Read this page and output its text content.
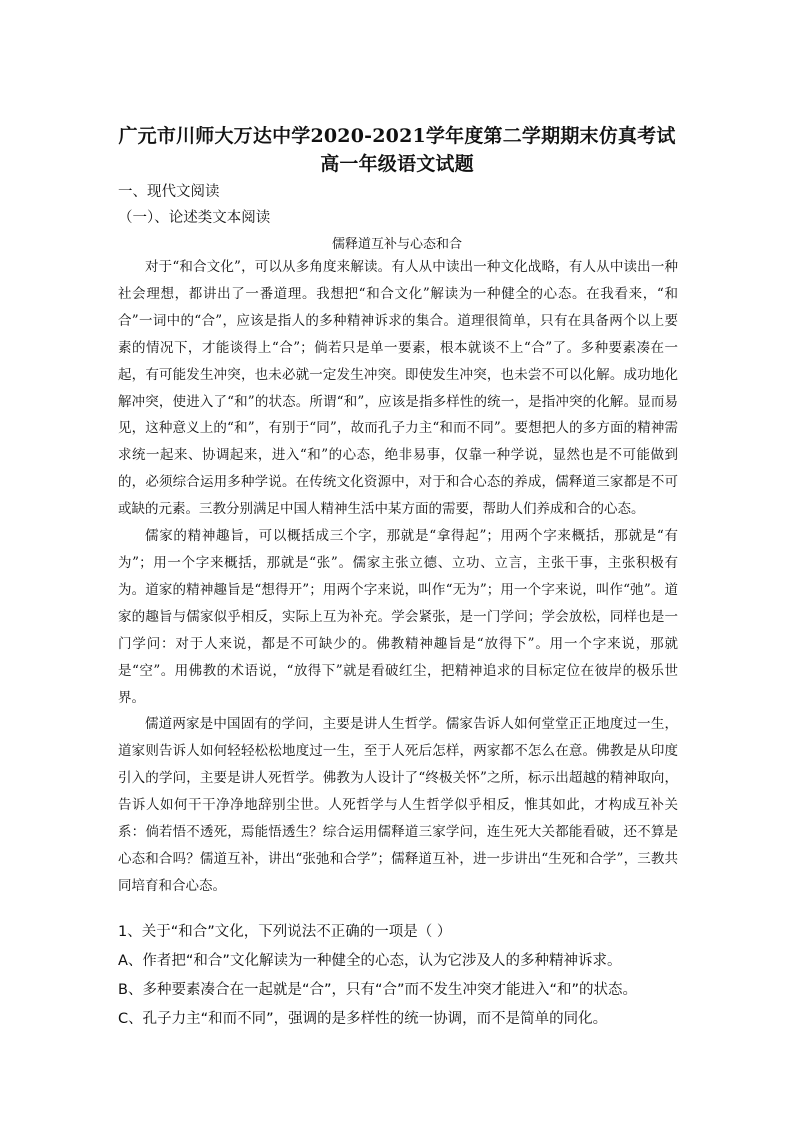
广元市川师大万达中学2020-2021学年度第二学期期末仿真考试
高一年级语文试题
一、现代文阅读
（一）、论述类文本阅读
儒释道互补与心态和合

对于“和合文化”，可以从多角度来解读。有人从中读出一种文化战略，有人从中读出一种社会理想，都讲出了一番道理。我想把“和合文化”解读为一种健全的心态。在我看来，“和合”一词中的“合”，应该是指人的多种精神诉求的集合。道理很简单，只有在具备两个以上要素的情况下，才能谈得上“合”；倘若只是单一要素，根本就谈不上“合”了。多种要素凑在一起，有可能发生冲突，也未必就一定发生冲突。即使发生冲突，也未尝不可以化解。成功地化解冲突，使进入了“和”的状态。所谓“和”，应该是指多样性的统一，是指冲突的化解。显而易见，这种意义上的“和”，有别于“同”，故而孔子力主“和而不同”。要想把人的多方面的精神需求统一起来、协调起来，进入“和”的心态，绝非易事，仅靠一种学说，显然也是不可能做到的，必须综合运用多种学说。在传统文化资源中，对于和合心态的养成，儒释道三家都是不可或缺的元素。三教分别满足中国人精神生活中某方面的需要，帮助人们养成和合的心态。

儒家的精神趣旨，可以概括成三个字，那就是“拿得起”；用两个字来概括，那就是“有为”；用一个字来概括，那就是“张”。儒家主张立德、立功、立言，主张干事，主张积极有为。道家的精神趣旨是“想得开”；用两个字来说，叫作“无为”；用一个字来说，叫作“弛”。道家的趣旨与儒家似乎相反，实际上互为补充。学会紧张，是一门学问；学会放松，同样也是一门学问：对于人来说，都是不可缺少的。佛教精神趣旨是“放得下”。用一个字来说，那就是“空”。用佛教的术语说，“放得下”就是看破红尘，把精神追求的目标定位在彼岸的极乐世界。

儒道两家是中国固有的学问，主要是讲人生哲学。儒家告诉人如何堂堂正正地度过一生，道家则告诉人如何轻轻松松地度过一生，至于人死后怎样，两家都不怎么在意。佛教是从印度引入的学问，主要是讲人死哲学。佛教为人设计了“终极关怀”之所，标示出超越的精神取向，告诉人如何干干净净地辞别尘世。人死哲学与人生哲学似乎相反，惟其如此，才构成互补关系：倘若悟不透死，焉能悟透生？综合运用儒释道三家学问，连生死大关都能看破，还不算是心态和合吗？儒道互补，讲出“张弛和合学”；儒释道互补，进一步讲出“生死和合学”，三教共同培育和合心态。

1、关于“和合”文化，下列说法不正确的一项是（ ）
A、作者把“和合”文化解读为一种健全的心态，认为它涉及人的多种精神诉求。
B、多种要素凑合在一起就是“合”，只有“合”而不发生冲突才能进入“和”的状态。
C、孔子力主“和而不同”，强调的是多样性的统一协调，而不是简单的同化。
